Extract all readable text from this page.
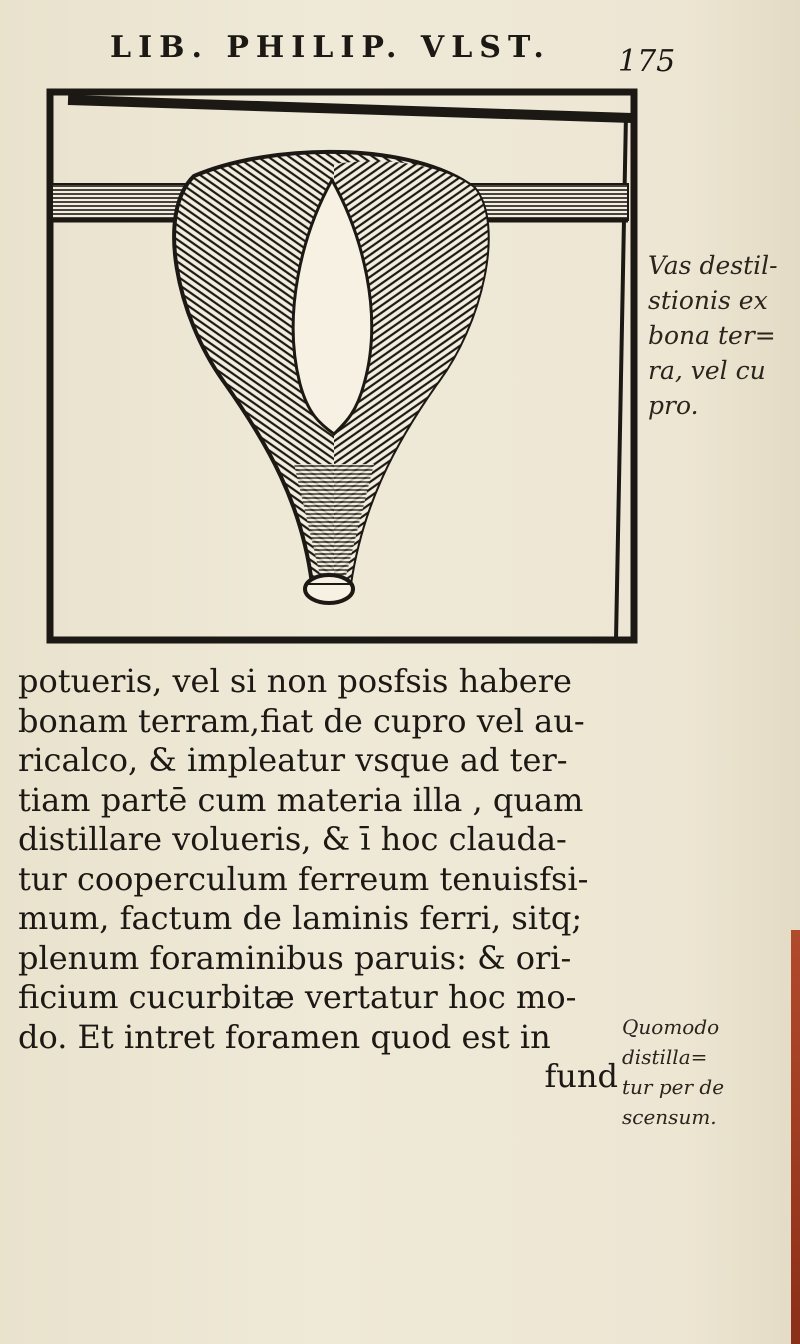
LIB. PHILIP. VLST. 175
Vas destil-
stionis ex
bona ter=
ra, vel cu
pro.
potueris, vel si non posfsis habere
bonam terram,fiat de cupro vel au-
ricalco, & impleatur vsque ad ter-
tiam partē cum materia illa , quam
distillare volueris, & ī hoc clauda-
tur cooperculum ferreum tenuisfsi-
mum, factum de laminis ferri, sitq;
plenum foraminibus paruis: & ori-
ficium cucurbitæ vertatur hoc mo-
do. Et intret foramen quod est in
fund
Quomodo
distilla=
tur per de
scensum.
